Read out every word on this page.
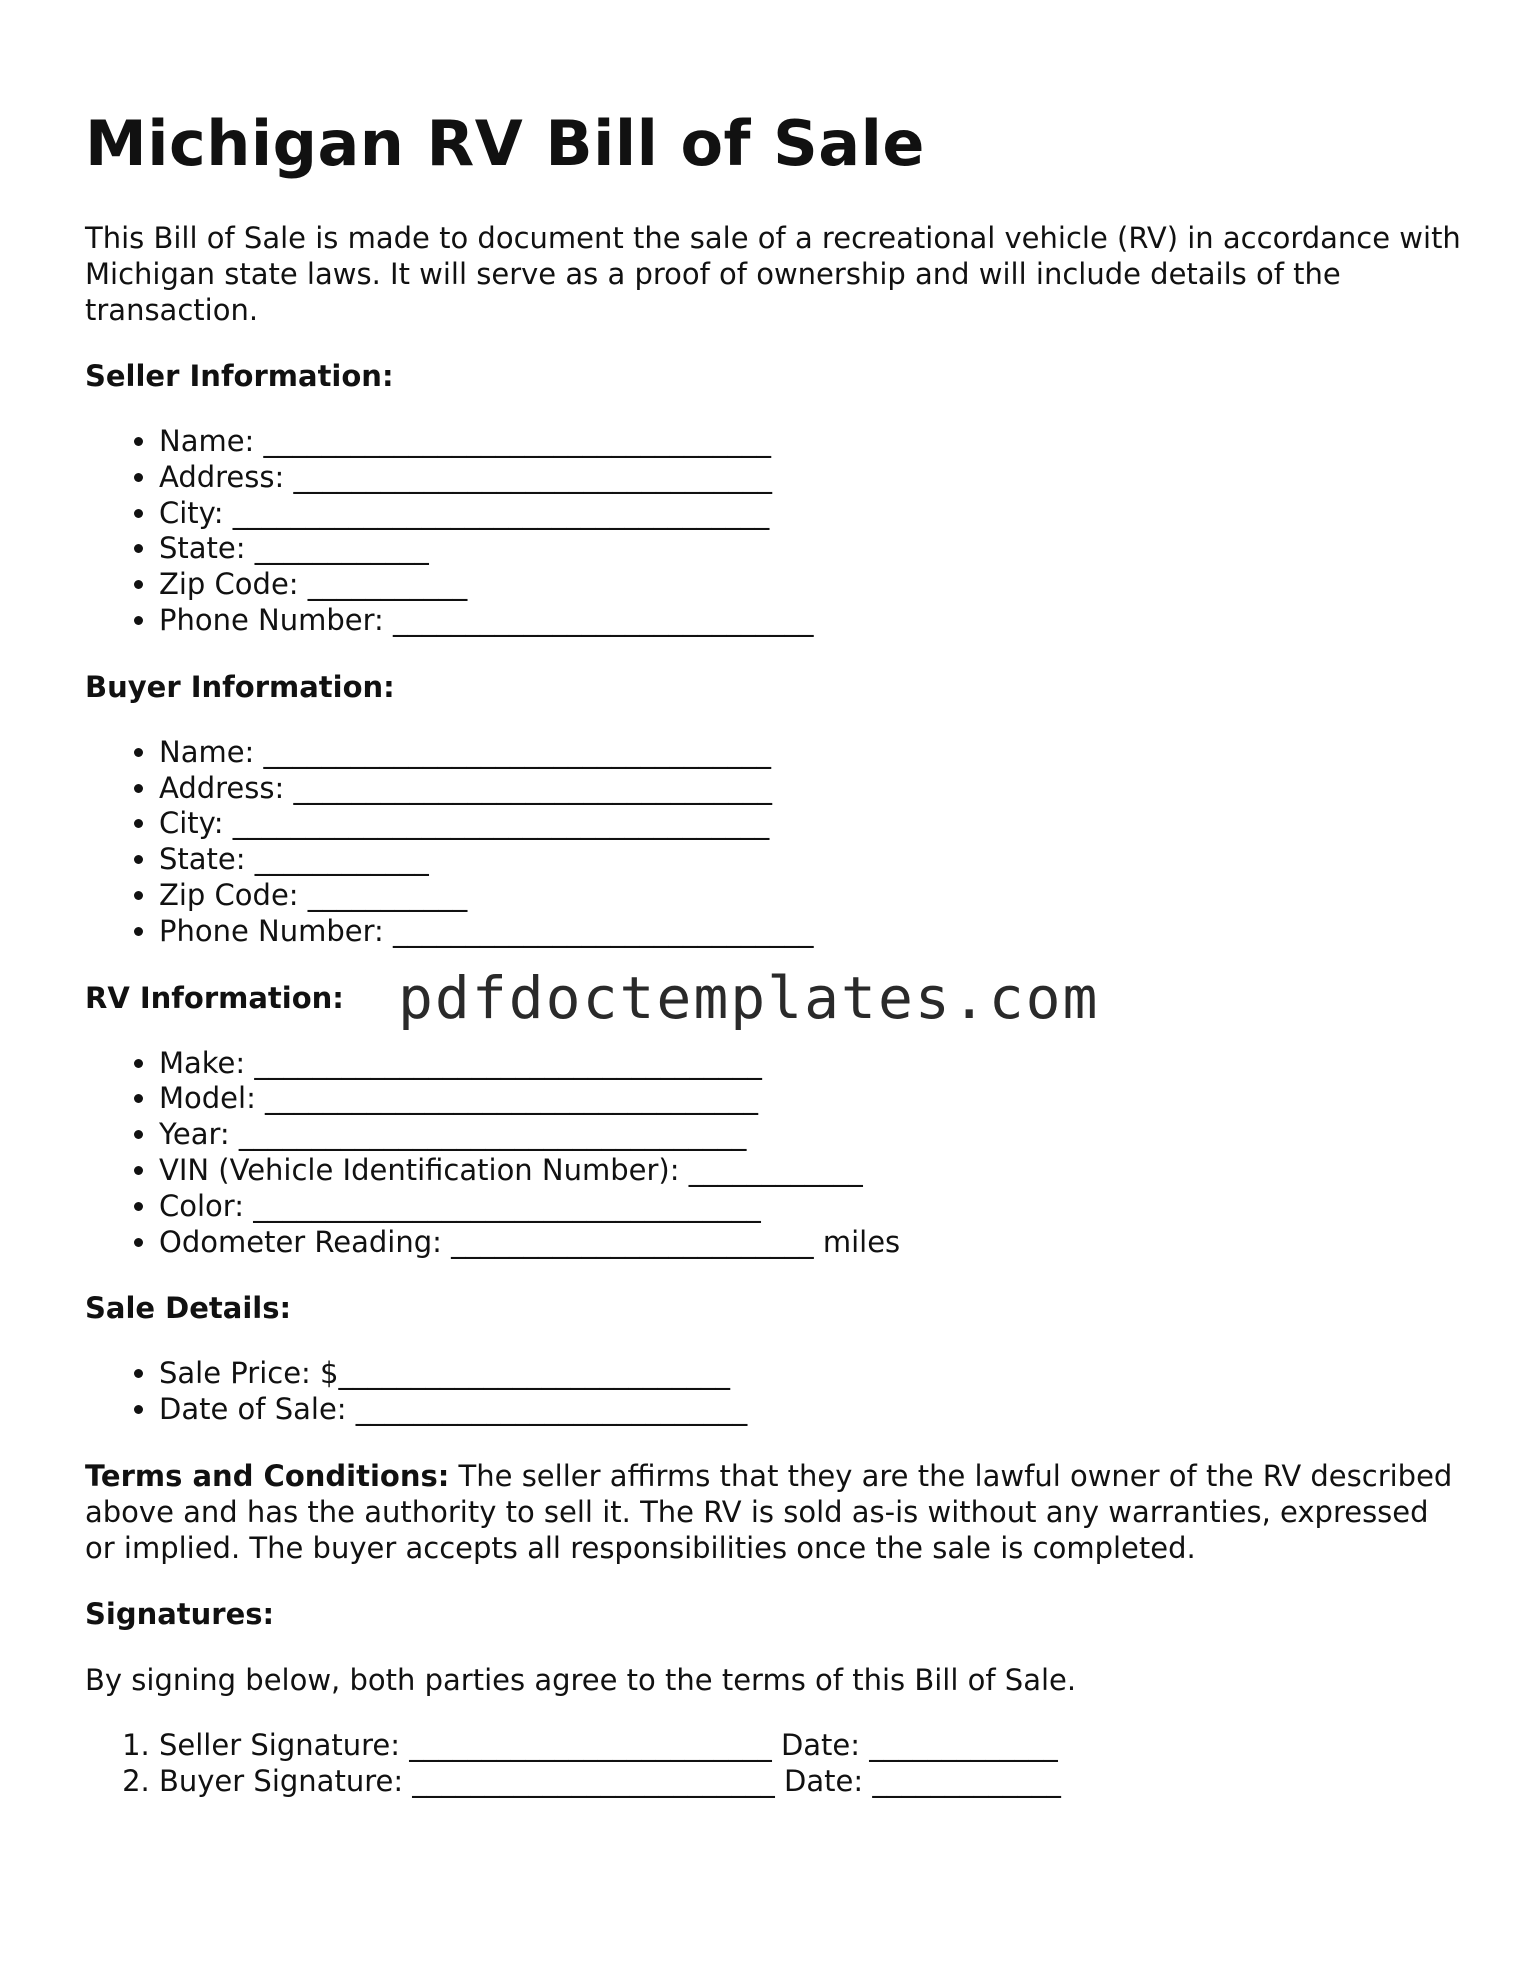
Michigan RV Bill of Sale

This Bill of Sale is made to document the sale of a recreational vehicle (RV) in accordance with Michigan state laws. It will serve as a proof of ownership and will include details of the transaction.

Seller Information:
• Name: ___________________________________
• Address: _________________________________
• City: _____________________________________
• State: ____________
• Zip Code: ___________
• Phone Number: _____________________________
Buyer Information:
• Name: ___________________________________
• Address: _________________________________
• City: _____________________________________
• State: ____________
• Zip Code: ___________
• Phone Number: _____________________________
RV Information:
• Make: ___________________________________
• Model: __________________________________
• Year: ___________________________________
• VIN (Vehicle Identification Number): ____________
• Color: ___________________________________
• Odometer Reading: _________________________ miles
Sale Details:
• Sale Price: $___________________________
• Date of Sale: ___________________________

Terms and Conditions: The seller affirms that they are the lawful owner of the RV described above and has the authority to sell it. The RV is sold as-is without any warranties, expressed or implied. The buyer accepts all responsibilities once the sale is completed.

Signatures:

By signing below, both parties agree to the terms of this Bill of Sale.

1. Seller Signature: _________________________ Date: _____________
2. Buyer Signature: _________________________ Date: _____________
pdfdoctemplates.com
